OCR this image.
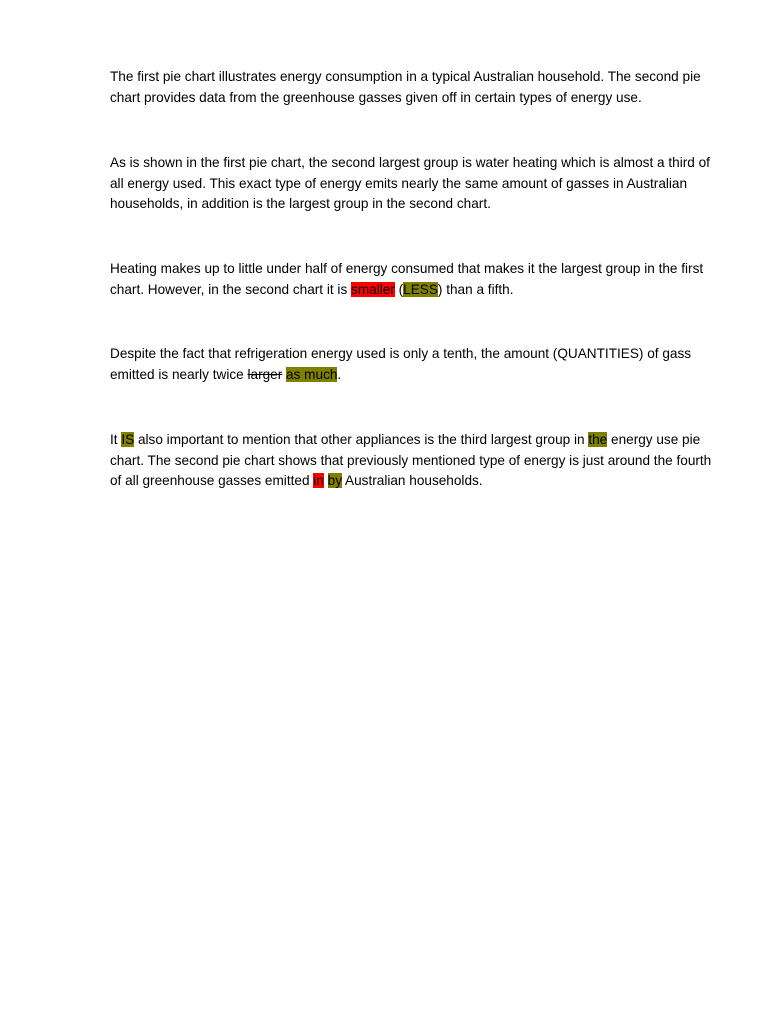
The first pie chart illustrates energy consumption in a typical Australian household. The second pie chart provides data from the greenhouse gasses given off in certain types of energy use.
As is shown in the first pie chart, the second largest group is water heating which is almost a third of all energy used. This exact type of energy emits nearly the same amount of gasses in Australian households, in addition is the largest group in the second chart.
Heating makes up to little under half of energy consumed that makes it the largest group in the first chart. However, in the second chart it is smaller (LESS) than a fifth.
Despite the fact that refrigeration energy used is only a tenth, the amount (QUANTITIES) of gass emitted is nearly twice larger as much.
It IS also important to mention that other appliances is the third largest group in the energy use pie chart. The second pie chart shows that previously mentioned type of energy is just around the fourth of all greenhouse gasses emitted in by Australian households.
